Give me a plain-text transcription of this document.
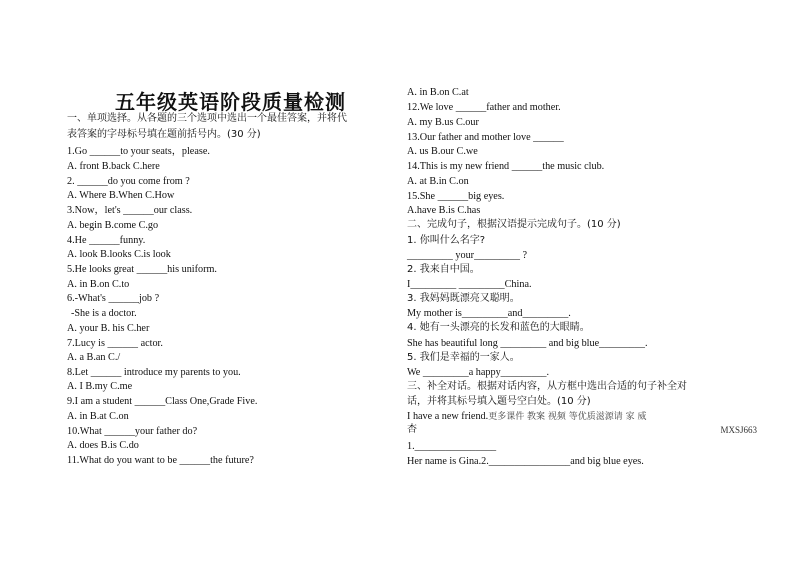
五年级英语阶段质量检测
一、单项选择。从各题的三个选项中选出一个最佳答案，并将代
表答案的字母标号填在题前括号内。(30 分)
1.Go ______to your seats，please.
A. front B.back C.here
2. ______do you come from ?
A. Where B.When C.How
3.Now，let's ______our class.
A. begin B.come C.go
4.He ______funny.
A. look B.looks C.is look
5.He looks great ______his uniform.
A. in B.on C.to
6.-What's ______job ?
-She is a doctor.
A. your B. his C.her
7.Lucy is ______ actor.
A. a B.an C./
8.Let ______ introduce my parents to you.
A. I B.my C.me
9.I am a student ______Class One,Grade Five.
A. in B.at C.on
10.What ______your father do?
A. does B.is C.do
11.What do you want to be ______the future?
A. in B.on C.at
12.We love ______father and mother.
A. my B.us C.our
13.Our father and mother love ______
A. us B.our C.we
14.This is my new friend ______the music club.
A. at B.in C.on
15.She ______big eyes.
A.have B.is C.has
二、完成句子，根据汉语提示完成句子。(10 分)
1. 你叫什么名字?
_________ your_________ ?
2. 我来自中国。
I_________ _________China.
3. 我妈妈既漂亮又聪明。
My mother is_________and_________.
4. 她有一头漂亮的长发和蓝色的大眼睛。
She has beautiful long _________ and big blue_________.
5. 我们是幸福的一家人。
We _________a happy_________.
三、补全对话。根据对话内容，从方框中选出合适的句子补全对
话，并将其标号填入题号空白处。(10 分)
I have a new friend.更多课件 教案 视频 等优质滋源请 家 威
杏	MXSJ663
1.________________
Her name is Gina.2.________________and big blue eyes.
